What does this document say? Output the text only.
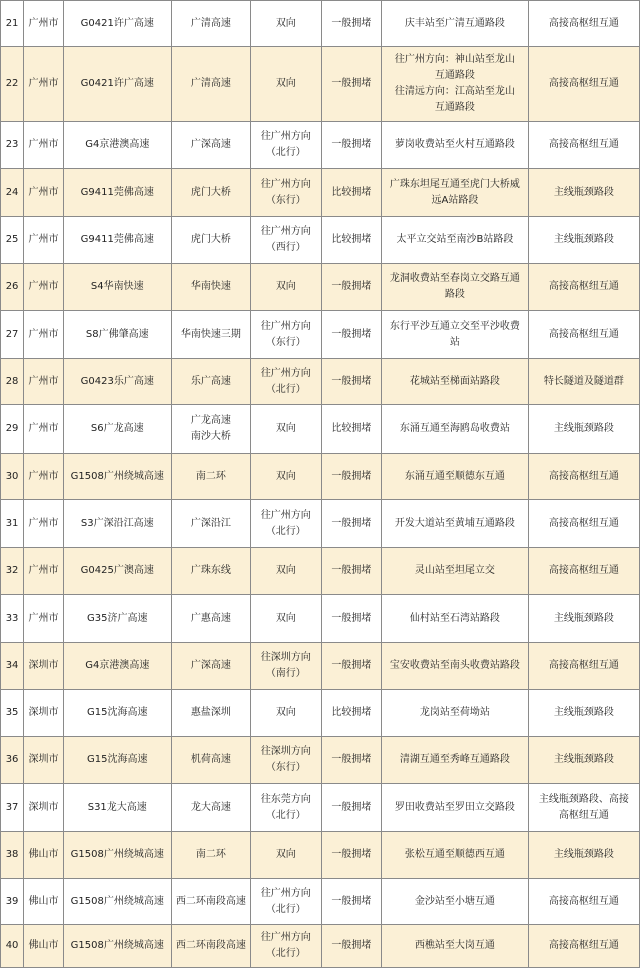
21	广州市	G0421许广高速	广清高速	双向	一般拥堵	庆丰站至广清互通路段	高接高枢纽互通

22	广州市	G0421许广高速	广清高速	双向	一般拥堵	往广州方向：神山站至龙山
互通路段
往清远方向：江高站至龙山
互通路段	高接高枢纽互通

23	广州市	G4京港澳高速	广深高速	往广州方向
（北行）	一般拥堵	萝岗收费站至火村互通路段	高接高枢纽互通

24	广州市	G9411莞佛高速	虎门大桥	往广州方向
（东行）	比较拥堵	广珠东坦尾互通至虎门大桥威
远A站路段	主线瓶颈路段

25	广州市	G9411莞佛高速	虎门大桥	往广州方向
（西行）	比较拥堵	太平立交站至南沙B站路段	主线瓶颈路段

26	广州市	S4华南快速	华南快速	双向	一般拥堵	龙洞收费站至春岗立交路互通
路段	高接高枢纽互通

27	广州市	S8广佛肇高速	华南快速三期	往广州方向
（东行）	一般拥堵	东行平沙互通立交至平沙收费
站	高接高枢纽互通

28	广州市	G0423乐广高速	乐广高速	往广州方向
（北行）	一般拥堵	花城站至梯面站路段	特长隧道及隧道群

29	广州市	S6广龙高速	广龙高速
南沙大桥	双向	比较拥堵	东涌互通至海鸥岛收费站	主线瓶颈路段

30	广州市	G1508广州绕城高速	南二环	双向	一般拥堵	东涌互通至顺德东互通	高接高枢纽互通

31	广州市	S3广深沿江高速	广深沿江	往广州方向
（北行）	一般拥堵	开发大道站至黄埔互通路段	高接高枢纽互通

32	广州市	G0425广澳高速	广珠东线	双向	一般拥堵	灵山站至坦尾立交	高接高枢纽互通

33	广州市	G35济广高速	广惠高速	双向	一般拥堵	仙村站至石湾站路段	主线瓶颈路段

34	深圳市	G4京港澳高速	广深高速	往深圳方向
（南行）	一般拥堵	宝安收费站至南头收费站路段	高接高枢纽互通

35	深圳市	G15沈海高速	惠盐深圳	双向	比较拥堵	龙岗站至荷坳站	主线瓶颈路段

36	深圳市	G15沈海高速	机荷高速	往深圳方向
（东行）	一般拥堵	清湖互通至秀峰互通路段	主线瓶颈路段

37	深圳市	S31龙大高速	龙大高速	往东莞方向
（北行）	一般拥堵	罗田收费站至罗田立交路段	主线瓶颈路段、高接
高枢纽互通

38	佛山市	G1508广州绕城高速	南二环	双向	一般拥堵	张松互通至顺德西互通	主线瓶颈路段

39	佛山市	G1508广州绕城高速	西二环南段高速	往广州方向
（北行）	一般拥堵	金沙站至小塘互通	高接高枢纽互通

40	佛山市	G1508广州绕城高速	西二环南段高速	往广州方向
（北行）	一般拥堵	西樵站至大岗互通	高接高枢纽互通
